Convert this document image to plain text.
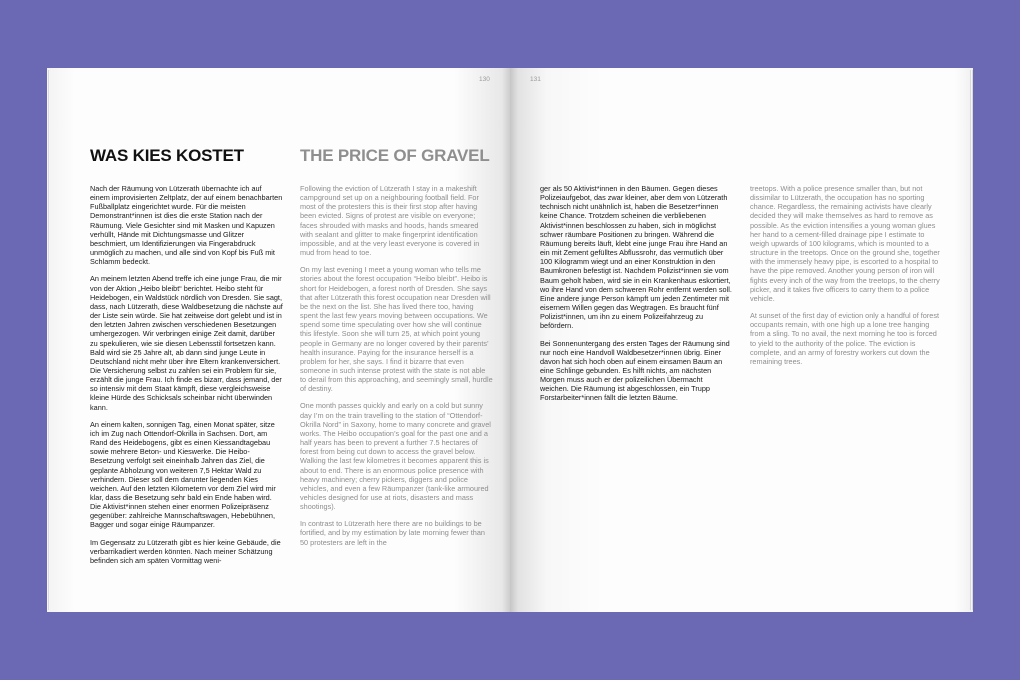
130
WAS KIES KOSTET	THE PRICE OF GRAVEL

Nach der Räumung von Lützerath übernachte ich auf einem improvisierten Zeltplatz, der auf einem benachbarten Fußballplatz eingerichtet wurde. Für die meisten Demonstrant*innen ist dies die erste Station nach der Räumung. Viele Gesichter sind mit Masken und Kapuzen verhüllt, Hände mit Dichtungsmasse und Glitzer beschmiert, um Identifizierungen via Fingerabdruck unmöglich zu machen, und alle sind von Kopf bis Fuß mit Schlamm bedeckt.

An meinem letzten Abend treffe ich eine junge Frau, die mir von der Aktion „Heibo bleibt“ berichtet. Heibo steht für Heidebogen, ein Waldstück nördlich von Dresden. Sie sagt, dass, nach Lützerath, diese Waldbesetzung die nächste auf der Liste sein würde. Sie hat zeitweise dort gelebt und ist in den letzten Jahren zwischen verschiedenen Besetzungen umhergezogen. Wir verbringen einige Zeit damit, darüber zu spekulieren, wie sie diesen Lebensstil fortsetzen kann. Bald wird sie 25 Jahre alt, ab dann sind junge Leute in Deutschland nicht mehr über ihre Eltern krankenversichert. Die Versicherung selbst zu zahlen sei ein Problem für sie, erzählt die junge Frau. Ich finde es bizarr, dass jemand, der so intensiv mit dem Staat kämpft, diese vergleichsweise kleine Hürde des Schicksals scheinbar nicht überwinden kann.

An einem kalten, sonnigen Tag, einen Monat später, sitze ich im Zug nach Ottendorf-Okrilla in Sachsen. Dort, am Rand des Heidebogens, gibt es einen Kiessandtagebau sowie mehrere Beton- und Kieswerke. Die Heibo-Besetzung verfolgt seit eineinhalb Jahren das Ziel, die geplante Abholzung von weiteren 7,5 Hektar Wald zu verhindern. Dieser soll dem darunter liegenden Kies weichen. Auf den letzten Kilometern vor dem Ziel wird mir klar, dass die Besetzung sehr bald ein Ende haben wird. Die Aktivist*innen stehen einer enormen Polizeipräsenz gegenüber: zahlreiche Mannschaftswagen, Hebebühnen, Bagger und sogar einige Räumpanzer.

Im Gegensatz zu Lützerath gibt es hier keine Gebäude, die verbarrikadiert werden könnten. Nach meiner Schätzung befinden sich am späten Vormittag weni-

Following the eviction of Lützerath I stay in a makeshift campground set up on a neighbouring football field. For most of the protesters this is their first stop after having been evicted. Signs of protest are visible on everyone; faces shrouded with masks and hoods, hands smeared with sealant and glitter to make fingerprint identification impossible, and at the very least everyone is covered in mud from head to toe.

On my last evening I meet a young woman who tells me stories about the forest occupation “Heibo bleibt”. Heibo is short for Heidebogen, a forest north of Dresden. She says that after Lützerath this forest occupation near Dresden will be the next on the list. She has lived there too, having spent the last few years moving between occupations. We spend some time speculating over how she will continue this lifestyle. Soon she will turn 25, at which point young people in Germany are no longer covered by their parents’ health insurance. Paying for the insurance herself is a problem for her, she says. I find it bizarre that even someone in such intense protest with the state is not able to derail from this approaching, and seemingly small, hurdle of destiny.

One month passes quickly and early on a cold but sunny day I’m on the train travelling to the station of “Ottendorf-Okrilla Nord” in Saxony, home to many concrete and gravel works. The Heibo occupation’s goal for the past one and a half years has been to prevent a further 7.5 hectares of forest from being cut down to access the gravel below. Walking the last few kilometres it becomes apparent this is about to end. There is an enormous police presence with heavy machinery; cherry pickers, diggers and police vehicles, and even a few Räumpanzer (tank-like armoured vehicles designed for use at riots, disasters and mass shootings).

In contrast to Lützerath here there are no buildings to be fortified, and by my estimation by late morning fewer than 50 protesters are left in the

131

ger als 50 Aktivist*innen in den Bäumen. Gegen dieses Polizeiaufgebot, das zwar kleiner, aber dem von Lützerath technisch nicht unähnlich ist, haben die Besetzer*innen keine Chance. Trotzdem scheinen die verbliebenen Aktivist*innen beschlossen zu haben, sich in möglichst schwer räumbare Positionen zu bringen. Während die Räumung bereits läuft, klebt eine junge Frau ihre Hand an ein mit Zement gefülltes Abflussrohr, das vermutlich über 100 Kilogramm wiegt und an einer Konstruktion in den Baumkronen befestigt ist. Nachdem Polizist*innen sie vom Baum geholt haben, wird sie in ein Krankenhaus eskortiert, wo ihre Hand von dem schweren Rohr entfernt werden soll. Eine andere junge Person kämpft um jeden Zentimeter mit eisernem Willen gegen das Wegtragen. Es braucht fünf Polizist*innen, um ihn zu einem Polizeifahrzeug zu befördern.

Bei Sonnenuntergang des ersten Tages der Räumung sind nur noch eine Handvoll Waldbesetzer*innen übrig. Einer davon hat sich hoch oben auf einem einsamen Baum an eine Schlinge gebunden. Es hilft nichts, am nächsten Morgen muss auch er der polizeilichen Übermacht weichen. Die Räumung ist abgeschlossen, ein Trupp Forstarbeiter*innen fällt die letzten Bäume.

treetops. With a police presence smaller than, but not dissimilar to Lützerath, the occupation has no sporting chance. Regardless, the remaining activists have clearly decided they will make themselves as hard to remove as possible. As the eviction intensifies a young woman glues her hand to a cement-filled drainage pipe I estimate to weigh upwards of 100 kilograms, which is mounted to a structure in the treetops. Once on the ground she, together with the immensely heavy pipe, is escorted to a hospital to have the pipe removed. Another young person of iron will fights every inch of the way from the treetops, to the cherry picker, and it takes five officers to carry them to a police vehicle.

At sunset of the first day of eviction only a handful of forest occupants remain, with one high up a lone tree hanging from a sling. To no avail, the next morning he too is forced to yield to the authority of the police. The eviction is complete, and an army of forestry workers cut down the remaining trees.
